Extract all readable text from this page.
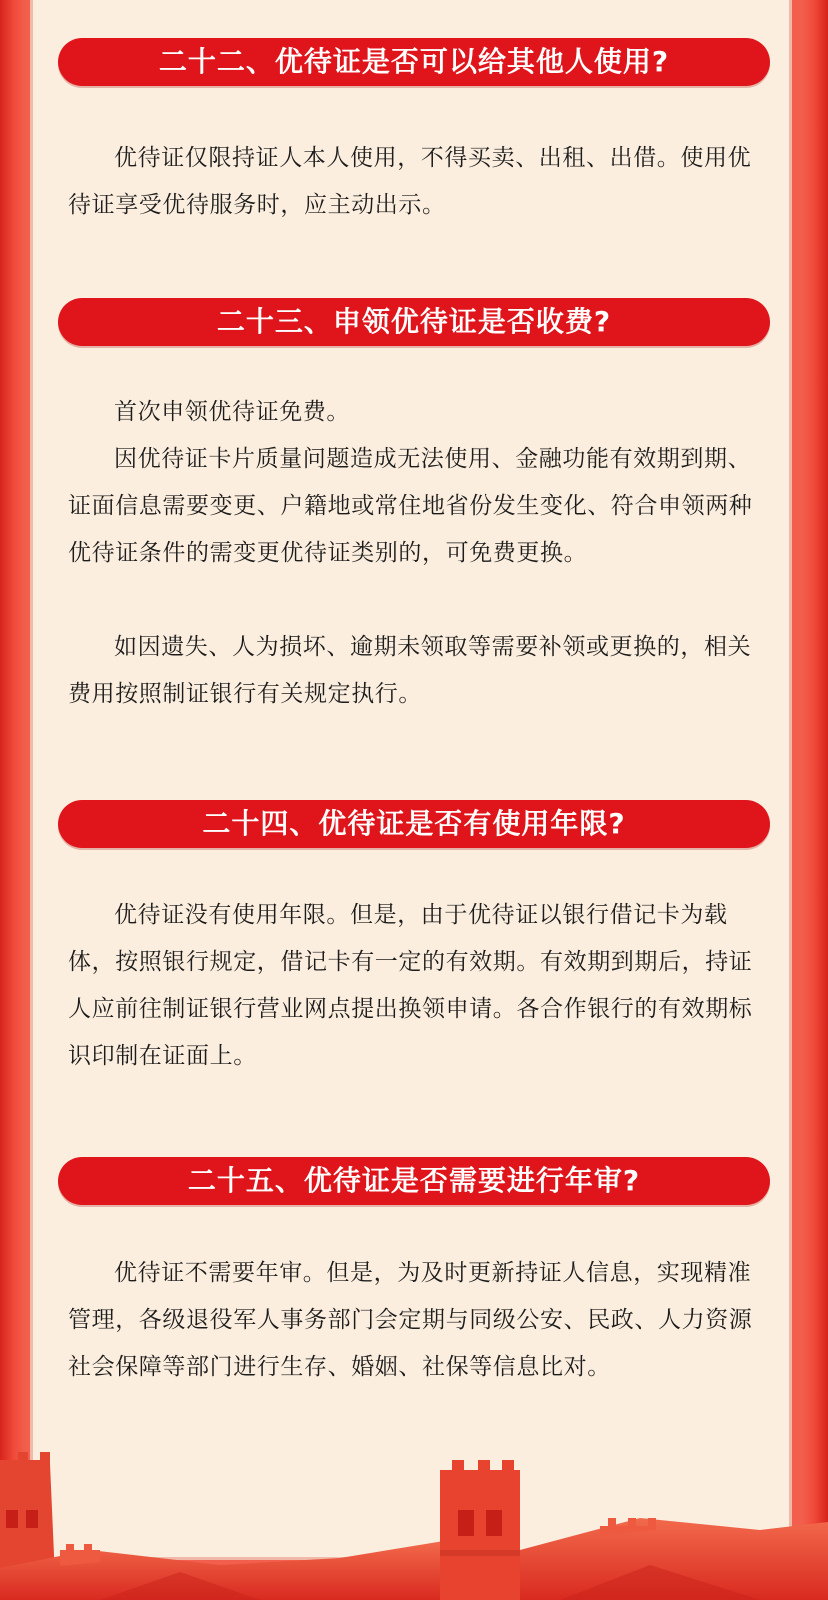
二十二、优待证是否可以给其他人使用?

优待证仅限持证人本人使用，不得买卖、出租、出借。使用优待证享受优待服务时，应主动出示。

二十三、申领优待证是否收费?

首次申领优待证免费。

因优待证卡片质量问题造成无法使用、金融功能有效期到期、证面信息需要变更、户籍地或常住地省份发生变化、符合申领两种优待证条件的需变更优待证类别的，可免费更换。

如因遗失、人为损坏、逾期未领取等需要补领或更换的，相关费用按照制证银行有关规定执行。

二十四、优待证是否有使用年限?

优待证没有使用年限。但是，由于优待证以银行借记卡为载体，按照银行规定，借记卡有一定的有效期。有效期到期后，持证人应前往制证银行营业网点提出换领申请。各合作银行的有效期标识印制在证面上。

二十五、优待证是否需要进行年审?

优待证不需要年审。但是，为及时更新持证人信息，实现精准管理，各级退役军人事务部门会定期与同级公安、民政、人力资源社会保障等部门进行生存、婚姻、社保等信息比对。
